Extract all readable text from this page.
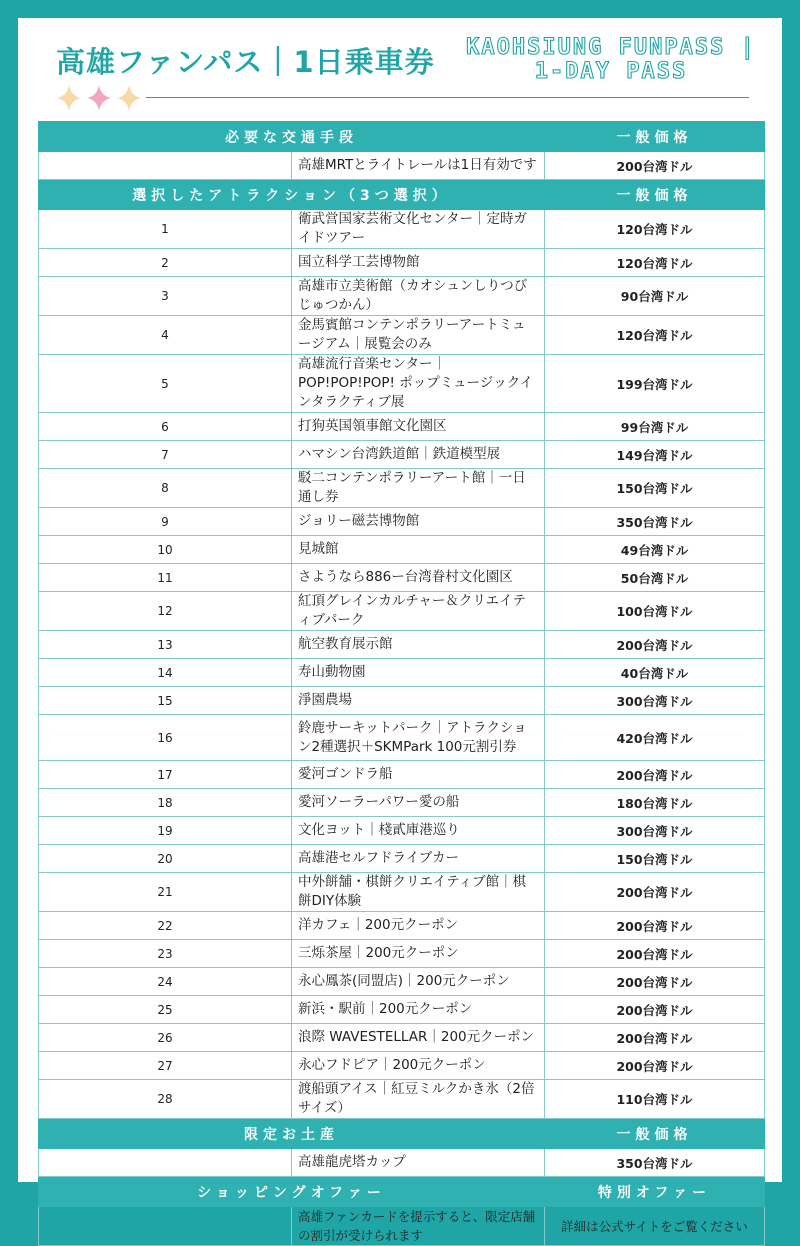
高雄ファンパス｜1日乗車券	KAOHSIUNG FUNPASS |
1-DAY PASS
必要な交通手段		一般価格
	高雄MRTとライトレールは1日有効です	200台湾ドル
選択したアトラクション（3つ選択）		一般価格
1	衛武営国家芸術文化センター｜定時ガイドツアー	120台湾ドル
2	国立科学工芸博物館	120台湾ドル
3	高雄市立美術館（カオシュンしりつびじゅつかん）	90台湾ドル
4	金馬賓館コンテンポラリーアートミュージアム｜展覧会のみ	120台湾ドル
5	高雄流行音楽センター｜POP!POP!POP! ポップミュージックインタラクティブ展	199台湾ドル
6	打狗英国領事館文化園区	99台湾ドル
7	ハマシン台湾鉄道館｜鉄道模型展	149台湾ドル
8	駁二コンテンポラリーアート館｜一日通し券	150台湾ドル
9	ジョリー磁芸博物館	350台湾ドル
10	見城館	49台湾ドル
11	さようなら886ー台湾眷村文化園区	50台湾ドル
12	紅頂グレインカルチャー＆クリエイティブパーク	100台湾ドル
13	航空教育展示館	200台湾ドル
14	寿山動物園	40台湾ドル
15	淨園農場	300台湾ドル
16	鈴鹿サーキットパーク｜アトラクション2種選択＋SKMPark 100元割引券	420台湾ドル
17	愛河ゴンドラ船	200台湾ドル
18	愛河ソーラーパワー愛の船	180台湾ドル
19	文化ヨット｜棧貳庫港巡り	300台湾ドル
20	高雄港セルフドライブカー	150台湾ドル
21	中外餅舗・棋餅クリエイティブ館｜棋餅DIY体験	200台湾ドル
22	洋カフェ｜200元クーポン	200台湾ドル
23	三烁茶屋｜200元クーポン	200台湾ドル
24	永心鳳茶(同盟店)｜200元クーポン	200台湾ドル
25	新浜・駅前｜200元クーポン	200台湾ドル
26	浪際 WAVESTELLAR｜200元クーポン	200台湾ドル
27	永心フドピア｜200元クーポン	200台湾ドル
28	渡船頭アイス｜紅豆ミルクかき氷（2倍サイズ）	110台湾ドル
限定お土産		一般価格
	高雄龍虎塔カップ	350台湾ドル
ショッピングオファー		特別オファー
	高雄ファンカードを提示すると、限定店舗の割引が受けられます	詳細は公式サイトをご覧ください
